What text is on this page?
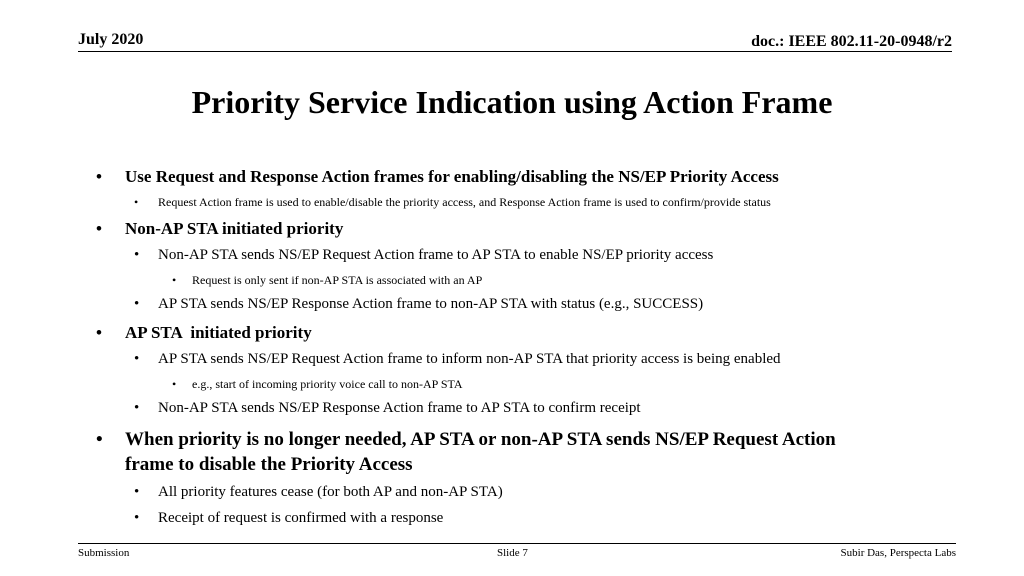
July 2020	doc.: IEEE 802.11-20-0948/r2
Priority Service Indication using Action Frame
• Use Request and Response Action frames for enabling/disabling the NS/EP Priority Access
• Request Action frame is used to enable/disable the priority access, and Response Action frame is used to confirm/provide status
• Non-AP STA initiated priority
• Non-AP STA sends NS/EP Request Action frame to AP STA to enable NS/EP priority access
• Request is only sent if non-AP STA is associated with an AP
• AP STA sends NS/EP Response Action frame to non-AP STA with status (e.g., SUCCESS)
• AP STA  initiated priority
• AP STA sends NS/EP Request Action frame to inform non-AP STA that priority access is being enabled
• e.g., start of incoming priority voice call to non-AP STA
• Non-AP STA sends NS/EP Response Action frame to AP STA to confirm receipt
• When priority is no longer needed, AP STA or non-AP STA sends NS/EP Request Action
frame to disable the Priority Access
• All priority features cease (for both AP and non-AP STA)
• Receipt of request is confirmed with a response
Submission	Slide 7	Subir Das, Perspecta Labs
